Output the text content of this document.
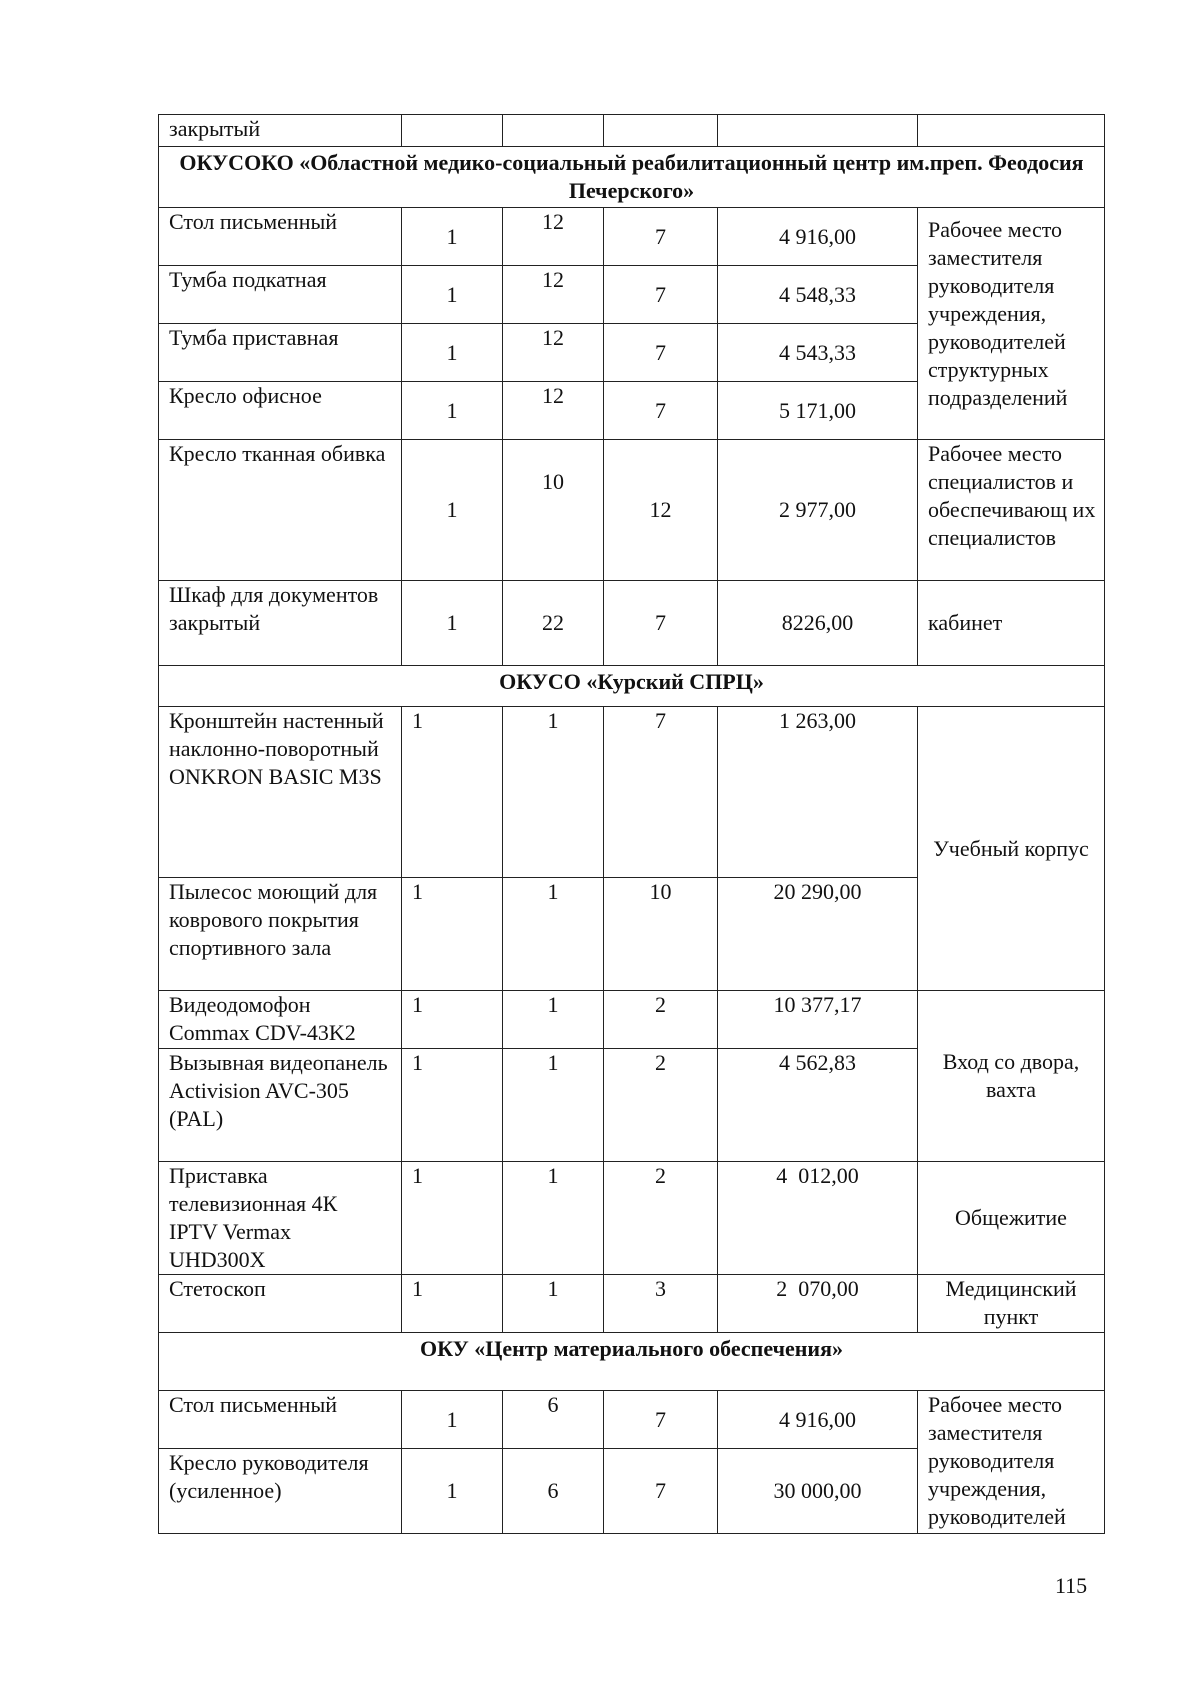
закрытый					
ОКУСОКО «Областной медико-социальный реабилитационный центр им.преп. Феодосия Печерского»					
Стол письменный	1	12	7	4 916,00	Рабочее место заместителя руководителя учреждения, руководителей структурных подразделений
Тумба подкатная	1	12	7	4 548,33	
Тумба приставная	1	12	7	4 543,33	
Кресло офисное	1	12	7	5 171,00	
Кресло тканная обивка	1	10	12	2 977,00	Рабочее место специалистов и обеспечивающ их специалистов
Шкаф для документов закрытый	1	22	7	8226,00	кабинет
ОКУСО «Курский СПРЦ»					
Кронштейн настенный наклонно-поворотный ONKRON BASIC M3S	1	1	7	1 263,00	Учебный корпус
Пылесос моющий для коврового покрытия спортивного зала	1	1	10	20 290,00	
Видеодомофон Commax CDV-43K2	1	1	2	10 377,17	Вход со двора, вахта
Вызывная видеопанель Activision AVC-305 (PAL)	1	1	2	4 562,83	
Приставка телевизионная 4К IPTV Vermax UHD300X	1	1	2	4  012,00	Общежитие
Стетоскоп	1	1	3	2  070,00	Медицинский пункт
ОКУ «Центр материального обеспечения»					
Стол письменный	1	6	7	4 916,00	Рабочее место заместителя руководителя учреждения, руководителей
Кресло руководителя (усиленное)	1	6	7	30 000,00	
115
